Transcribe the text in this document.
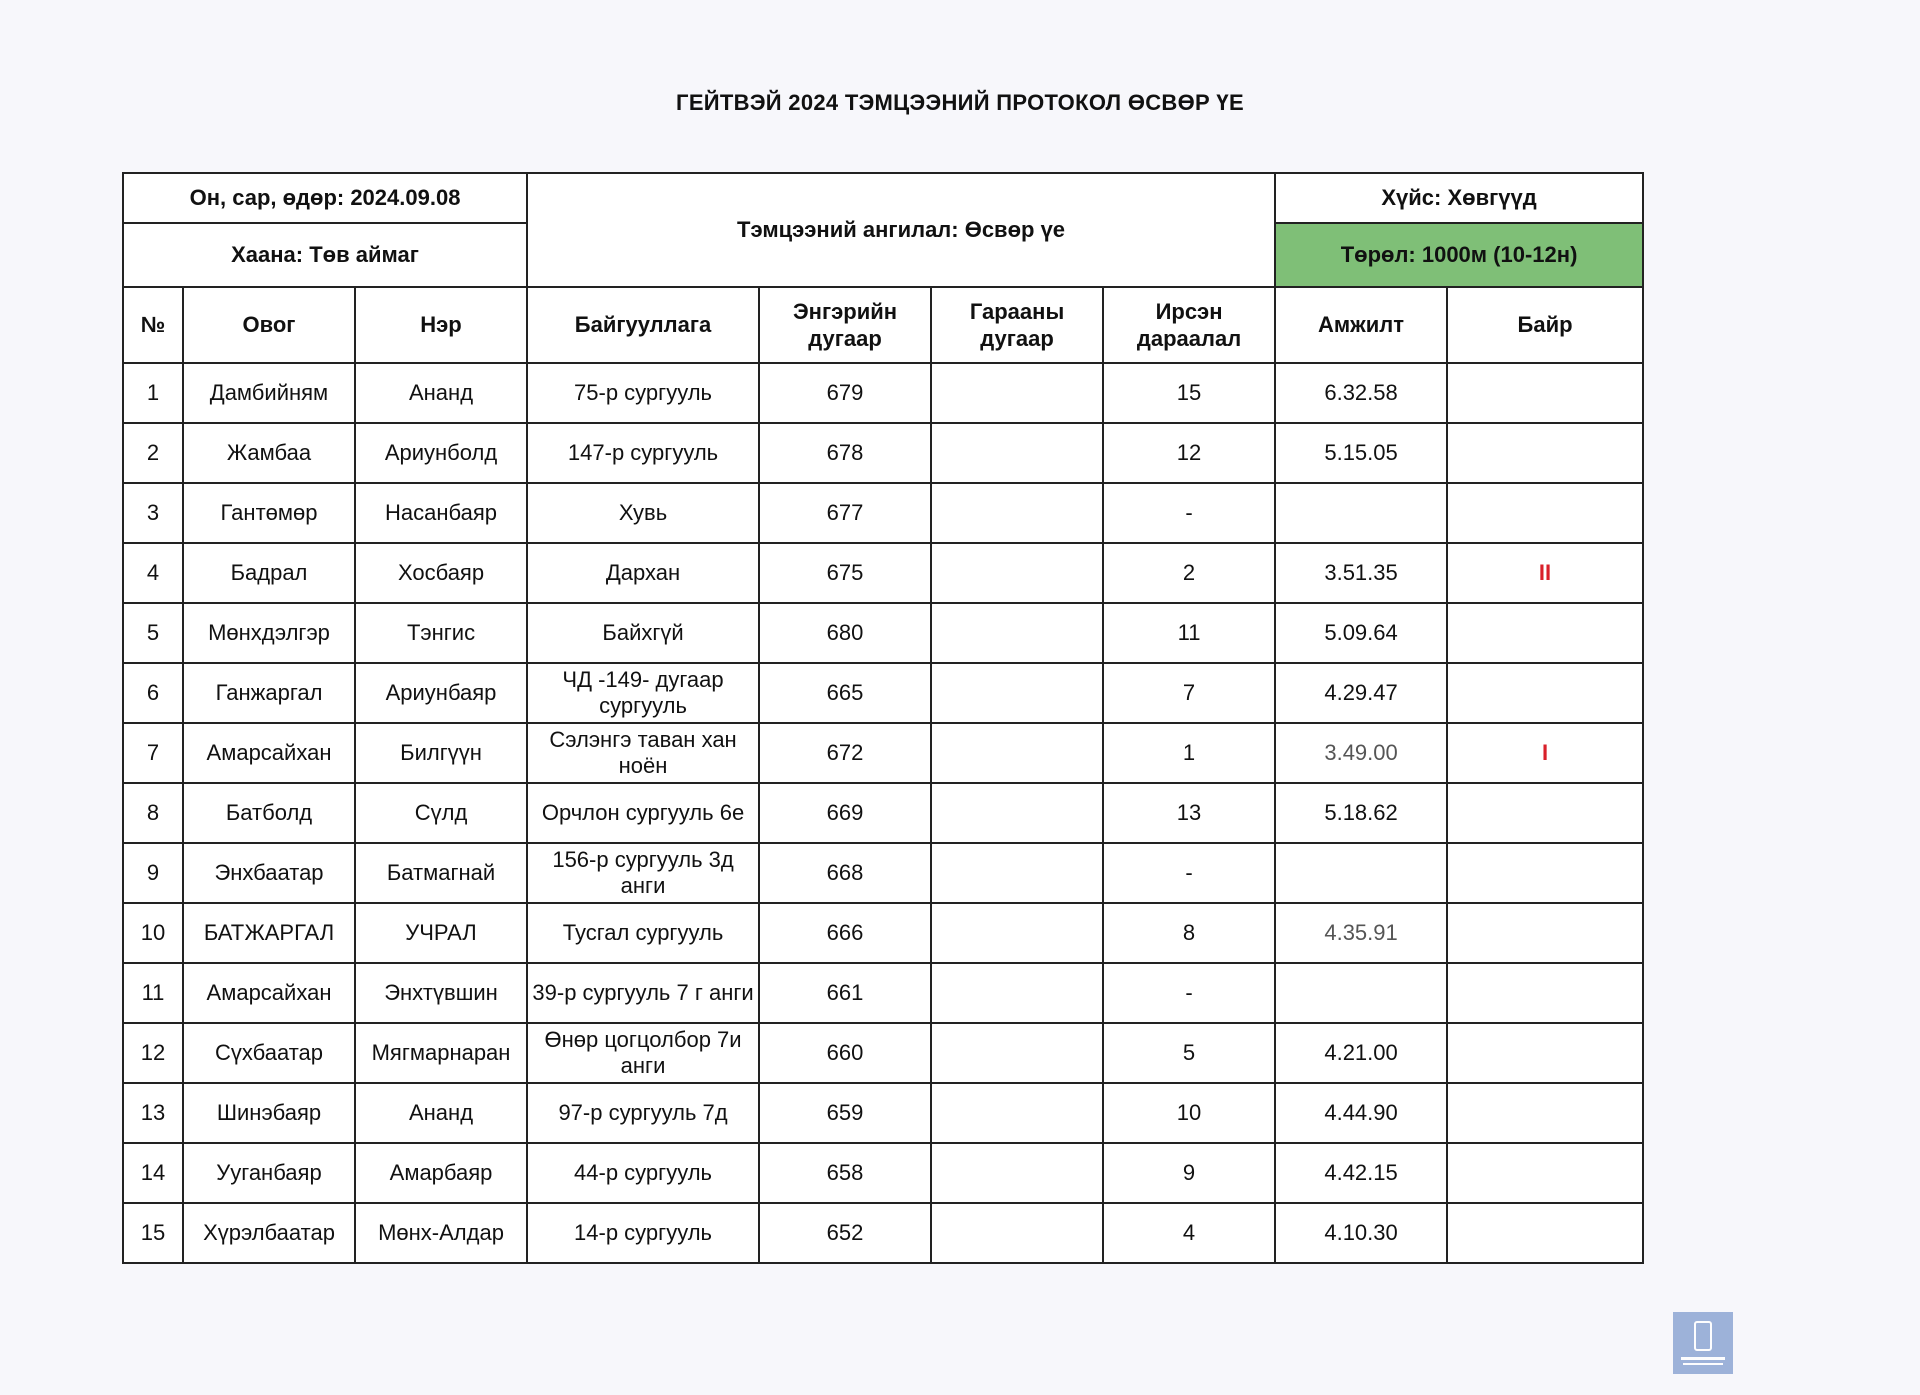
ГЕЙТВЭЙ 2024 ТЭМЦЭЭНИЙ ПРОТОКОЛ ӨСВӨР ҮЕ
Он, сар, өдөр: 2024.09.08			Тэмцээний ангилал: Өсвөр үе				Хүйс: Хөвгүүд	
Хаана: Төв аймаг							Төрөл: 1000м (10-12н)	
№	Овог	Нэр	Байгууллага	Энгэрийн дугаар	Гарааны дугаар	Ирсэн дараалал	Амжилт	Байр
1	Дамбийням	Ананд	75-р сургууль	679		15	6.32.58	
2	Жамбаа	Ариунболд	147-р сургууль	678		12	5.15.05	
3	Гантөмөр	Насанбаяр	Хувь	677		-		
4	Бадрал	Хосбаяр	Дархан	675		2	3.51.35	II
5	Мөнхдэлгэр	Тэнгис	Байхгүй	680		11	5.09.64	
6	Ганжаргал	Ариунбаяр	ЧД -149- дугаар сургууль	665		7	4.29.47	
7	Амарсайхан	Билгүүн	Сэлэнгэ таван хан ноён	672		1	3.49.00	I
8	Батболд	Сүлд	Орчлон сургууль 6е	669		13	5.18.62	
9	Энхбаатар	Батмагнай	156-р сургууль 3д анги	668		-		
10	БАТЖАРГАЛ	УЧРАЛ	Тусгал сургууль	666		8	4.35.91	
11	Амарсайхан	Энхтүвшин	39-р сургууль 7 г анги	661		-		
12	Сүхбаатар	Мягмарнаран	Өнөр цогцолбор 7и анги	660		5	4.21.00	
13	Шинэбаяр	Ананд	97-р сургууль 7д	659		10	4.44.90	
14	Ууганбаяр	Амарбаяр	44-р сургууль	658		9	4.42.15	
15	Хүрэлбаатар	Мөнх-Алдар	14-р сургууль	652		4	4.10.30	
